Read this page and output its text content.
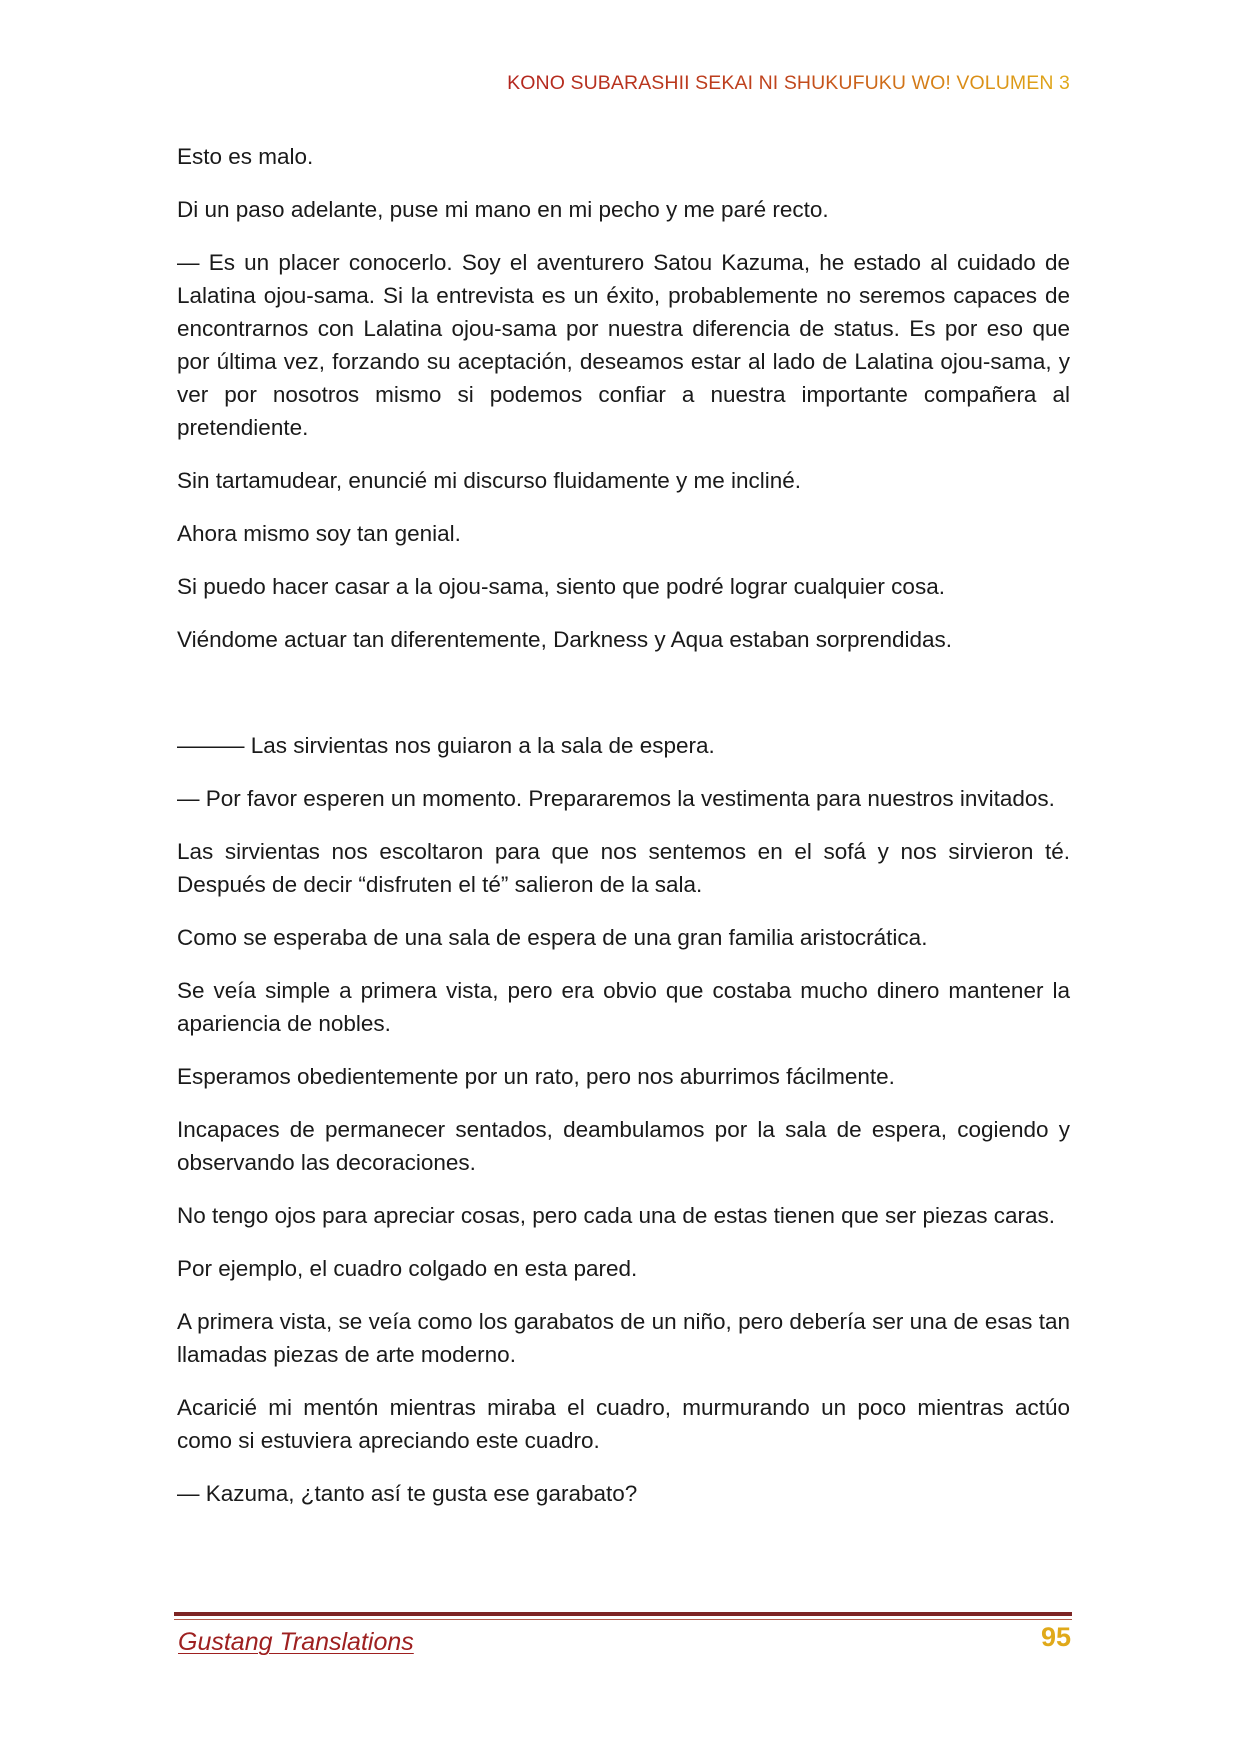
KONO SUBARASHII SEKAI NI SHUKUFUKU WO! VOLUMEN 3

Esto es malo.

Di un paso adelante, puse mi mano en mi pecho y me paré recto.

— Es un placer conocerlo. Soy el aventurero Satou Kazuma, he estado al cuidado de Lalatina ojou-sama. Si la entrevista es un éxito, probablemente no seremos capaces de encontrarnos con Lalatina ojou-sama por nuestra diferencia de status. Es por eso que por última vez, forzando su aceptación, deseamos estar al lado de Lalatina ojou-sama, y ver por nosotros mismo si podemos confiar a nuestra importante compañera al pretendiente.

Sin tartamudear, enuncié mi discurso fluidamente y me incliné.

Ahora mismo soy tan genial.

Si puedo hacer casar a la ojou-sama, siento que podré lograr cualquier cosa.

Viéndome actuar tan diferentemente, Darkness y Aqua estaban sorprendidas.

——— Las sirvientas nos guiaron a la sala de espera.

— Por favor esperen un momento. Prepararemos la vestimenta para nuestros invitados.

Las sirvientas nos escoltaron para que nos sentemos en el sofá y nos sirvieron té. Después de decir “disfruten el té” salieron de la sala.

Como se esperaba de una sala de espera de una gran familia aristocrática.

Se veía simple a primera vista, pero era obvio que costaba mucho dinero mantener la apariencia de nobles.

Esperamos obedientemente por un rato, pero nos aburrimos fácilmente.

Incapaces de permanecer sentados, deambulamos por la sala de espera, cogiendo y observando las decoraciones.

No tengo ojos para apreciar cosas, pero cada una de estas tienen que ser piezas caras.

Por ejemplo, el cuadro colgado en esta pared.

A primera vista, se veía como los garabatos de un niño, pero debería ser una de esas tan llamadas piezas de arte moderno.

Acaricié mi mentón mientras miraba el cuadro, murmurando un poco mientras actúo como si estuviera apreciando este cuadro.

— Kazuma, ¿tanto así te gusta ese garabato?

Gustang Translations	95
